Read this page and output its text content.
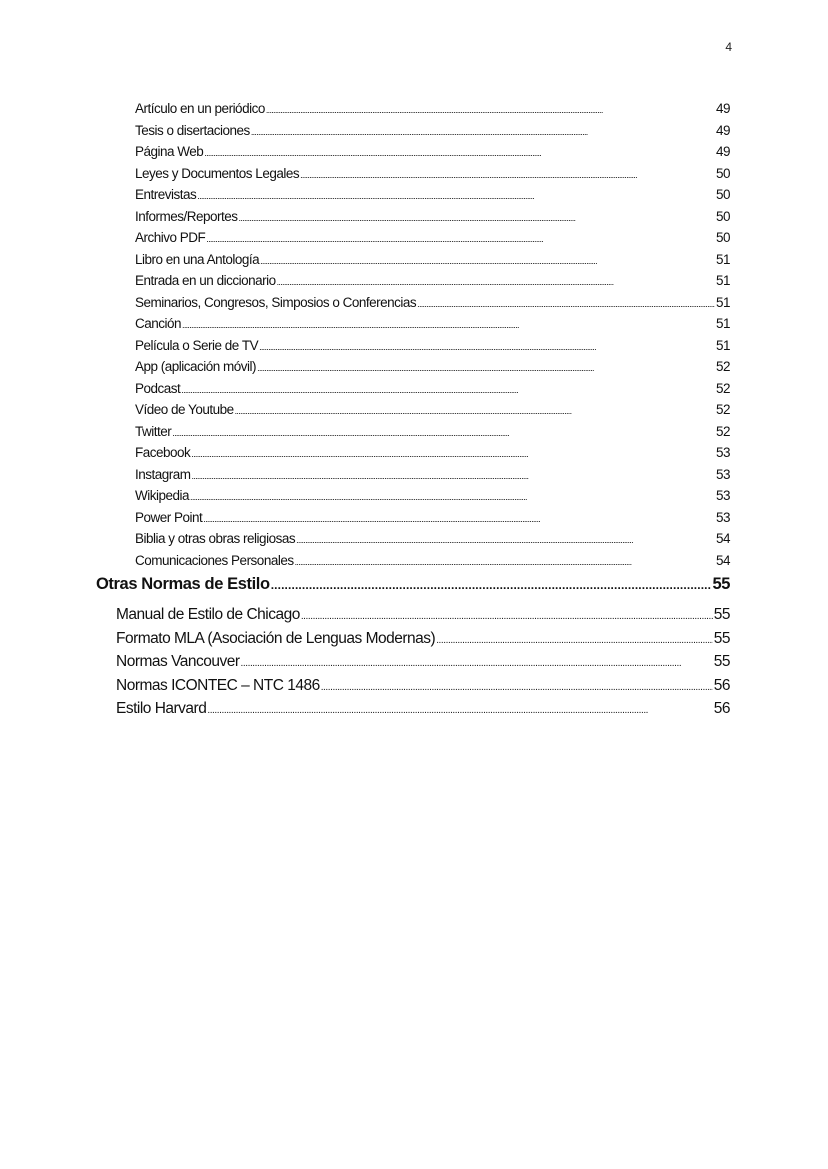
4
Artículo en un periódico . . .	49
Tesis o disertaciones . . .	49
Página Web . . .	49
Leyes y Documentos Legales . . .	50
Entrevistas . . .	50
Informes/Reportes . . .	50
Archivo PDF . . .	50
Libro en una Antología . . .	51
Entrada en un diccionario . . .	51
Seminarios, Congresos, Simposios o Conferencias . . .	51
Canción . . .	51
Película o Serie de TV . . .	51
App (aplicación móvil) . . .	52
Podcast . . .	52
Vídeo de Youtube . . .	52
Twitter . . .	52
Facebook . . .	53
Instagram . . .	53
Wikipedia . . .	53
Power Point . . .	53
Biblia y otras obras religiosas . . .	54
Comunicaciones Personales . . .	54
Otras Normas de Estilo . . .	55
Manual de Estilo de Chicago . . .	55
Formato MLA (Asociación de Lenguas Modernas) . . .	55
Normas Vancouver . . .	55
Normas ICONTEC – NTC 1486 . . .	56
Estilo Harvard . . .	56
